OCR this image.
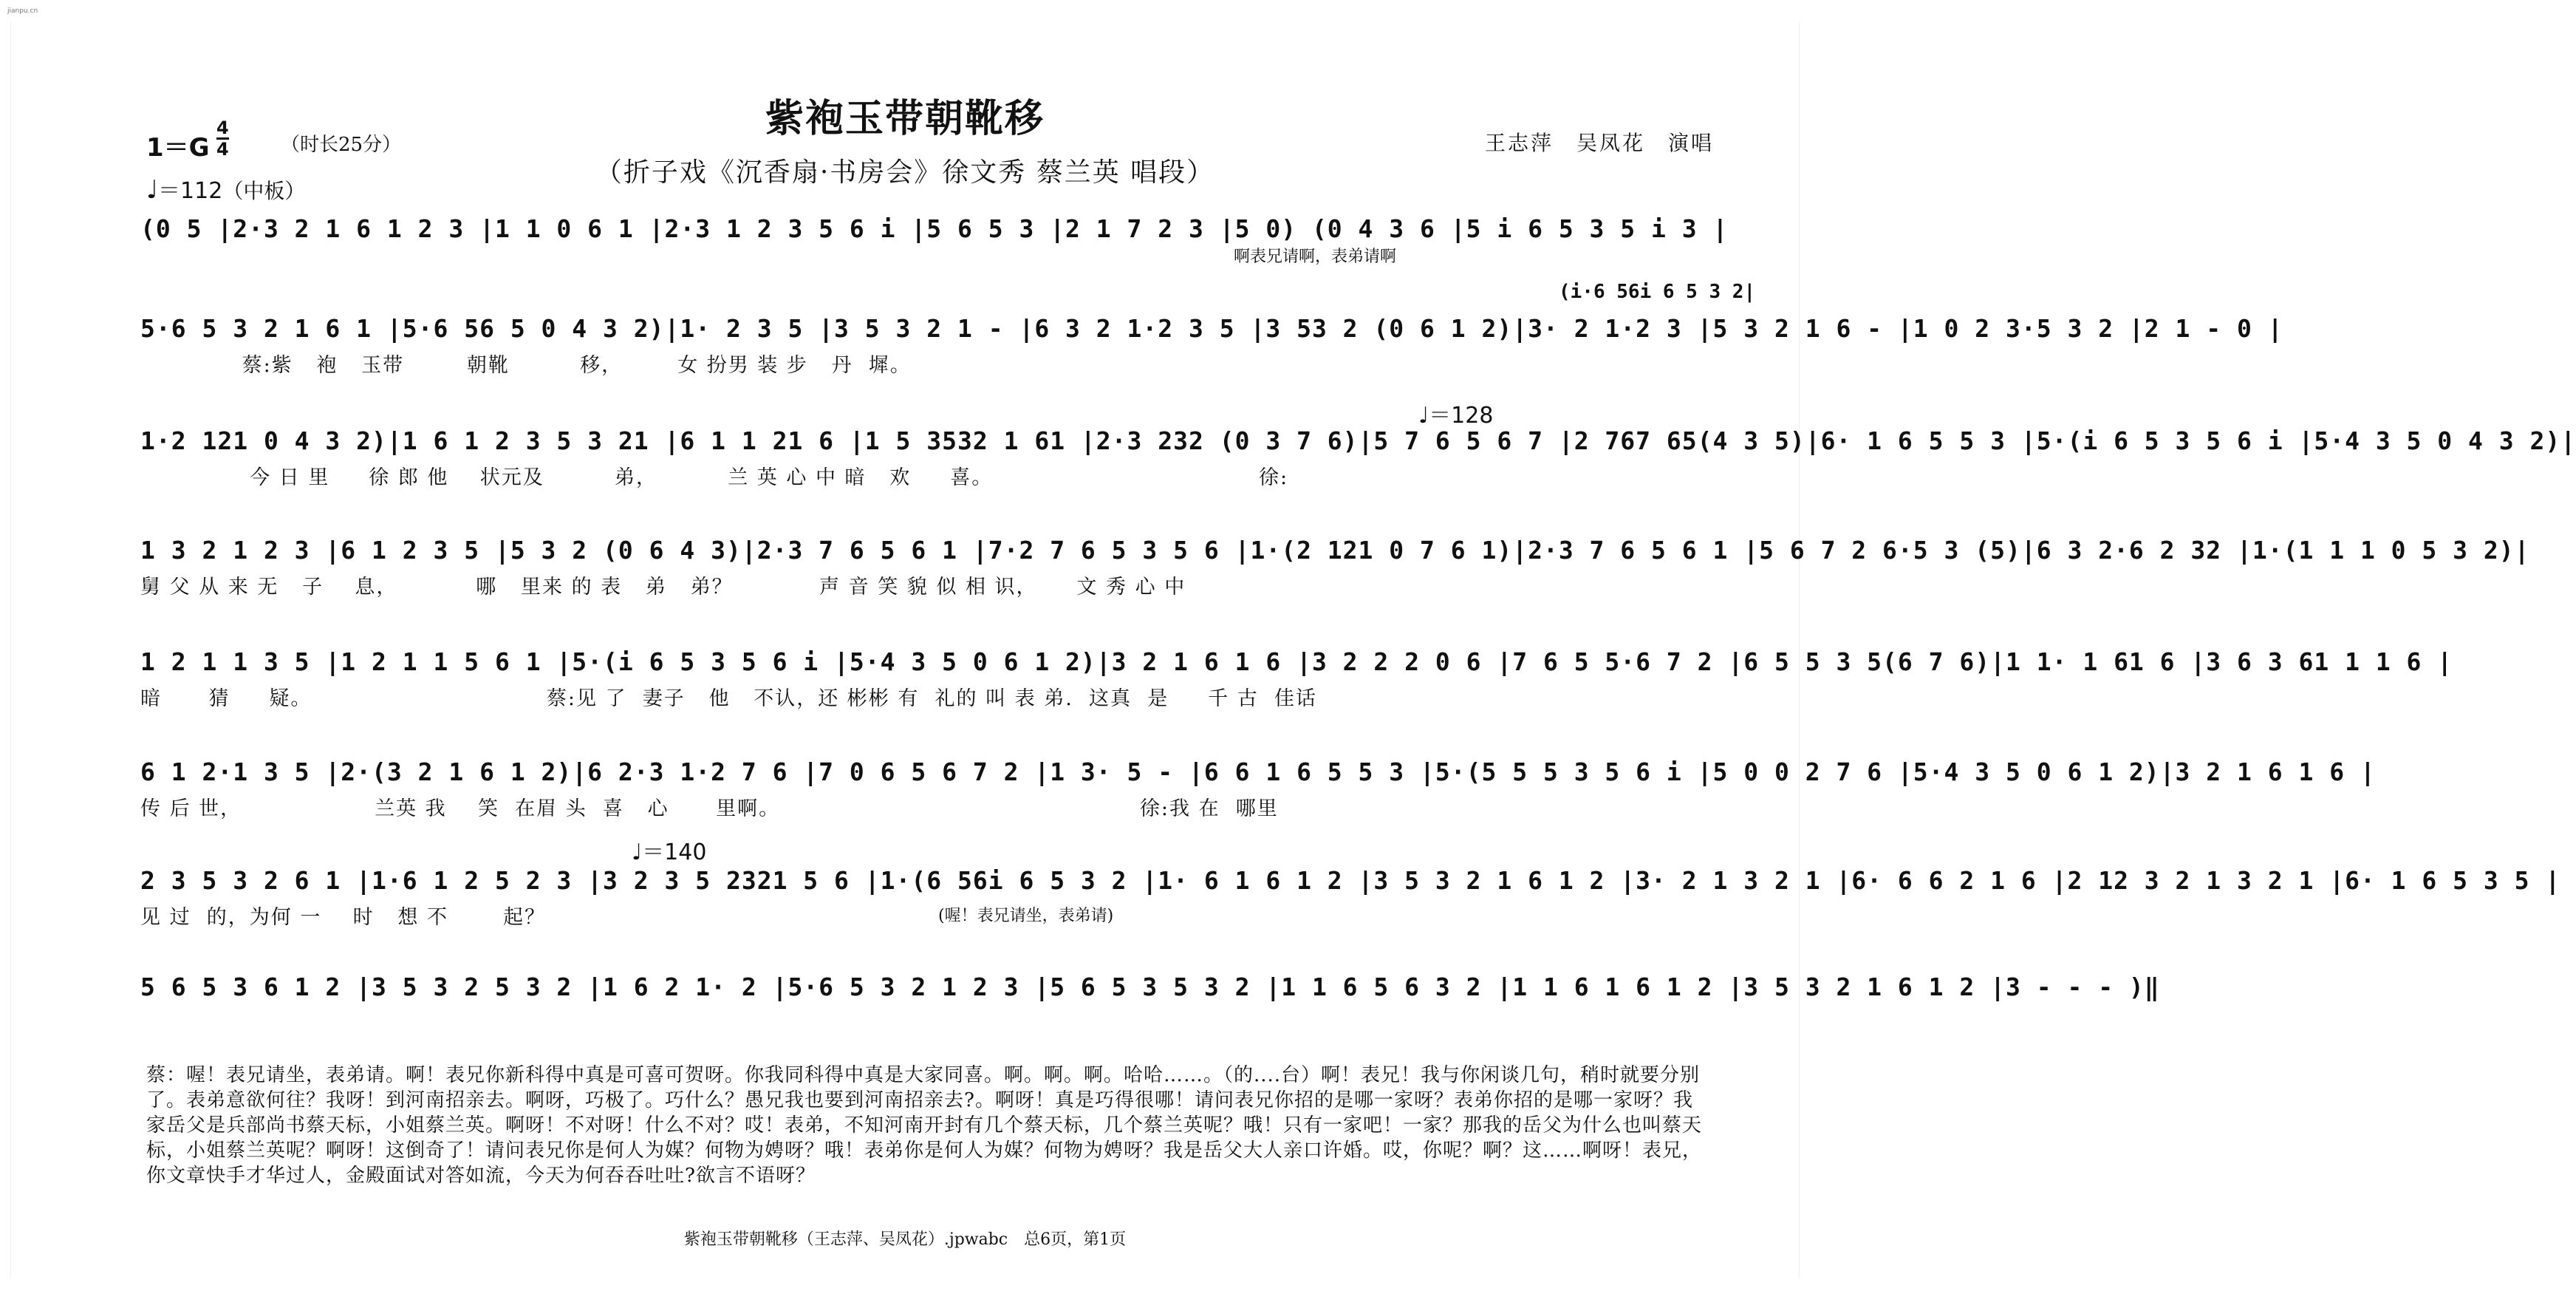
jianpu.cn
紫袍玉带朝靴移
（折子戏《沉香扇·书房会》徐文秀 蔡兰英 唱段）
王志萍　吴凤花　演唱
1＝G
4
4	（时长25分）
♩＝112（中板）
(0 5 |2·3 2 1 6 1 2 3 |1 1 0 6 1 |2·3 1 2 3 5 6 i |5 6 5 3 |2 1 7 2 3 |5 0) (0 4 3 6 |5 i 6 5 3 5 i 3 |
啊表兄请啊，表弟请啊
(i·6 56i 6 5 3 2|
5·6 5 3 2 1 6 1 |5·6 56 5 0 4 3 2)|1· 2 3 5 |3 5 3 2 1 - |6 3 2 1·2 3 5 |3 53 2 (0 6 1 2)|3· 2 1·2 3 |5 3 2 1 6 - |1 0 2 3·5 3 2 |2 1 - 0 |
蔡:紫   袍   玉带        朝靴         移，       女 扮男 装 步   丹  墀。
♩＝128
1·2 121 0 4 3 2)|1 6 1 2 3 5 3 21 |6 1 1 21 6 |1 5 3532 1 61 |2·3 232 (0 3 7 6)|5 7 6 5 6 7 |2 767 65(4 3 5)|6· 1 6 5 5 3 |5·(i 6 5 3 5 6 i |5·4 3 5 0 4 3 2)|
今 日 里     徐 郎 他    状元及         弟，         兰 英 心 中 暗   欢     喜。                                  徐:
1 3 2 1 2 3 |6 1 2 3 5 |5 3 2 (0 6 4 3)|2·3 7 6 5 6 1 |7·2 7 6 5 3 5 6 |1·(2 121 0 7 6 1)|2·3 7 6 5 6 1 |5 6 7 2 6·5 3 (5)|6 3 2·6 2 32 |1·(1 1 1 0 5 3 2)|
舅 父 从 来 无   子    息，          哪   里来 的 表   弟   弟？           声 音 笑 貌 似 相 识，     文 秀 心 中
1 2 1 1 3 5 |1 2 1 1 5 6 1 |5·(i 6 5 3 5 6 i |5·4 3 5 0 6 1 2)|3 2 1 6 1 6 |3 2 2 2 0 6 |7 6 5 5·6 7 2 |6 5 5 3 5(6 7 6)|1 1· 1 61 6 |3 6 3 61 1 1 6 |
暗      猜     疑。                              蔡:见 了  妻子   他   不认，还 彬彬 有  礼的 叫 表 弟.  这真  是     千 古  佳话
6 1 2·1 3 5 |2·(3 2 1 6 1 2)|6 2·3 1·2 7 6 |7 0 6 5 6 7 2 |1 3· 5 - |6 6 1 6 5 5 3 |5·(5 5 5 3 5 6 i |5 0 0 2 7 6 |5·4 3 5 0 6 1 2)|3 2 1 6 1 6 |
传 后 世，                 兰英 我    笑  在眉 头  喜   心      里啊。                                              徐:我 在  哪里
♩＝140
2 3 5 3 2 6 1 |1·6 1 2 5 2 3 |3 2 3 5 2321 5 6 |1·(6 56i 6 5 3 2 |1· 6 1 6 1 2 |3 5 3 2 1 6 1 2 |3· 2 1 3 2 1 |6· 6 6 2 1 6 |2 12 3 2 1 3 2 1 |6· 1 6 5 3 5 |
见 过  的，为何 一    时   想 不       起？	(喔！表兄请坐，表弟请)
5 6 5 3 6 1 2 |3 5 3 2 5 3 2 |1 6 2 1· 2 |5·6 5 3 2 1 2 3 |5 6 5 3 5 3 2 |1 1 6 5 6 3 2 |1 1 6 1 6 1 2 |3 5 3 2 1 6 1 2 |3 - - - )‖
蔡：喔！表兄请坐，表弟请。啊！表兄你新科得中真是可喜可贺呀。你我同科得中真是大家同喜。啊。啊。啊。哈哈……。（的....台）啊！表兄！我与你闲谈几句，稍时就要分别了。表弟意欲何往？我呀！到河南招亲去。啊呀，巧极了。巧什么？愚兄我也要到河南招亲去?。啊呀！真是巧得很哪！请问表兄你招的是哪一家呀？表弟你招的是哪一家呀？我家岳父是兵部尚书蔡天标，小姐蔡兰英。啊呀！不对呀！什么不对？哎！表弟，不知河南开封有几个蔡天标，几个蔡兰英呢？哦！只有一家吧！一家？那我的岳父为什么也叫蔡天标，小姐蔡兰英呢？啊呀！这倒奇了！请问表兄你是何人为媒？何物为娉呀？哦！表弟你是何人为媒？何物为娉呀？我是岳父大人亲口许婚。哎，你呢？啊？这……啊呀！表兄，你文章快手才华过人，金殿面试对答如流，今天为何吞吞吐吐?欲言不语呀？
紫袍玉带朝靴移（王志萍、吴凤花）.jpwabc　总6页，第1页
